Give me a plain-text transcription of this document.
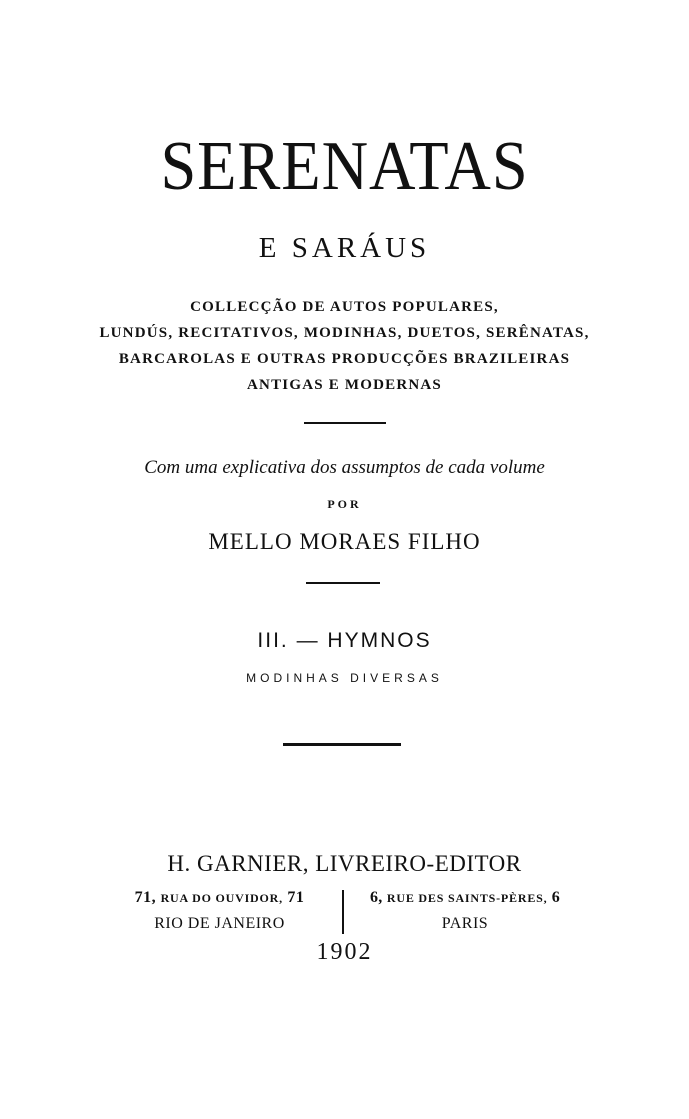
SERENATAS
E SARÁUS
COLLECÇÃO DE AUTOS POPULARES,
LUNDÚS, RECITATIVOS, MODINHAS, DUETOS, SERÊNATAS,
BARCAROLAS E OUTRAS PRODUCÇÕES BRAZILEIRAS
ANTIGAS E MODERNAS
Com uma explicativa dos assumptos de cada volume
POR
MELLO MORAES FILHO
III. — HYMNOS
MODINHAS DIVERSAS
H. GARNIER, LIVREIRO-EDITOR
71, RUA DO OUVIDOR, 71
RIO DE JANEIRO
6, RUE DES SAINTS-PÈRES, 6
PARIS
1902
